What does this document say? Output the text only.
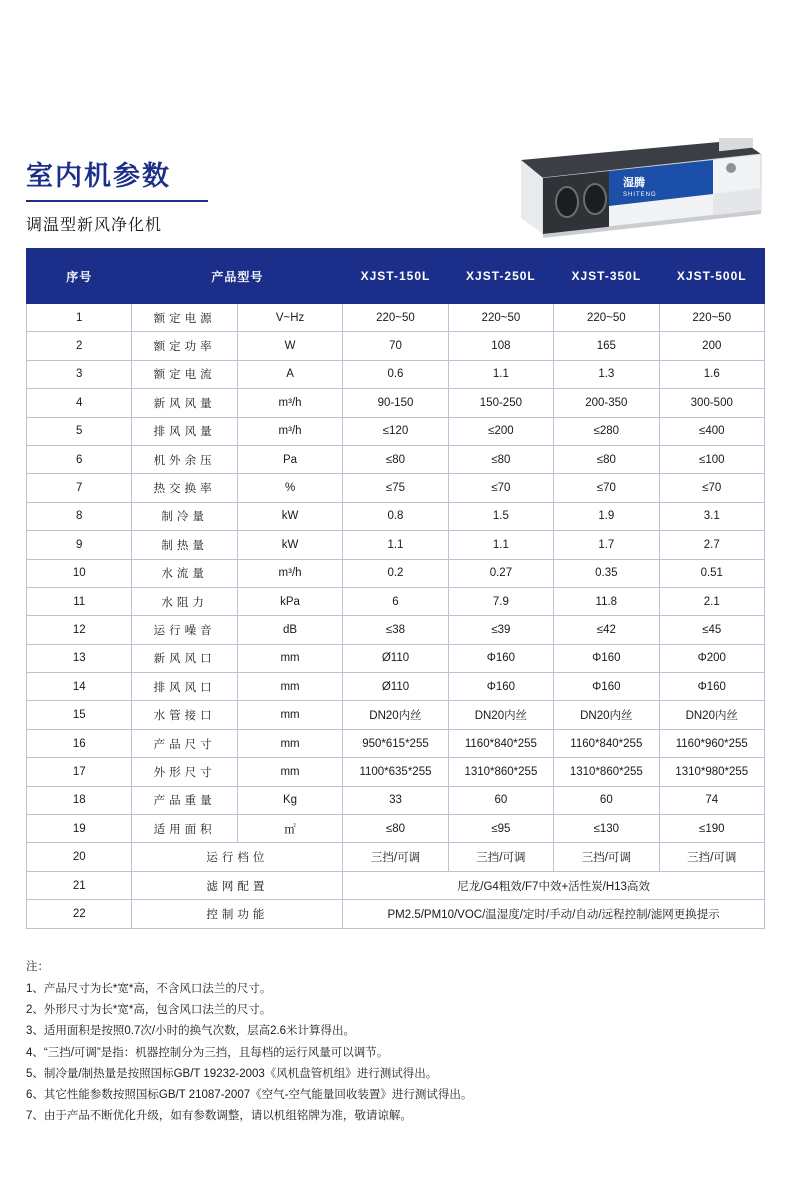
室内机参数

调温型新风净化机

湿腾
SHITENG
序号	产品型号		XJST-150L	XJST-250L	XJST-350L	XJST-500L
1	额定电源	V~Hz	220~50	220~50	220~50	220~50
2	额定功率	W	70	108	165	200
3	额定电流	A	0.6	1.1	1.3	1.6
4	新风风量	m³/h	90-150	150-250	200-350	300-500
5	排风风量	m³/h	≤120	≤200	≤280	≤400
6	机外余压	Pa	≤80	≤80	≤80	≤100
7	热交换率	%	≤75	≤70	≤70	≤70
8	制冷量	kW	0.8	1.5	1.9	3.1
9	制热量	kW	1.1	1.1	1.7	2.7
10	水流量	m³/h	0.2	0.27	0.35	0.51
11	水阻力	kPa	6	7.9	11.8	2.1
12	运行噪音	dB	≤38	≤39	≤42	≤45
13	新风风口	mm	Ø110	Φ160	Φ160	Φ200
14	排风风口	mm	Ø110	Φ160	Φ160	Φ160
15	水管接口	mm	DN20内丝	DN20内丝	DN20内丝	DN20内丝
16	产品尺寸	mm	950*615*255	1160*840*255	1160*840*255	1160*960*255
17	外形尺寸	mm	1100*635*255	1310*860*255	1310*860*255	1310*980*255
18	产品重量	Kg	33	60	60	74
19	适用面积	㎡	≤80	≤95	≤130	≤190
20	运行档位		三挡/可调	三挡/可调	三挡/可调	三挡/可调
21	滤网配置		尼龙/G4粗效/F7中效+活性炭/H13高效			
22	控制功能		PM2.5/PM10/VOC/温湿度/定时/手动/自动/远程控制/滤网更换提示			
注：
1、产品尺寸为长*宽*高，不含风口法兰的尺寸。
2、外形尺寸为长*宽*高，包含风口法兰的尺寸。
3、适用面积是按照0.7次/小时的换气次数，层高2.6米计算得出。
4、“三挡/可调”是指：机器控制分为三挡，且每档的运行风量可以调节。
5、制冷量/制热量是按照国标GB/T 19232-2003《风机盘管机组》进行测试得出。
6、其它性能参数按照国标GB/T 21087-2007《空气-空气能量回收装置》进行测试得出。
7、由于产品不断优化升级，如有参数调整，请以机组铭牌为准，敬请谅解。
